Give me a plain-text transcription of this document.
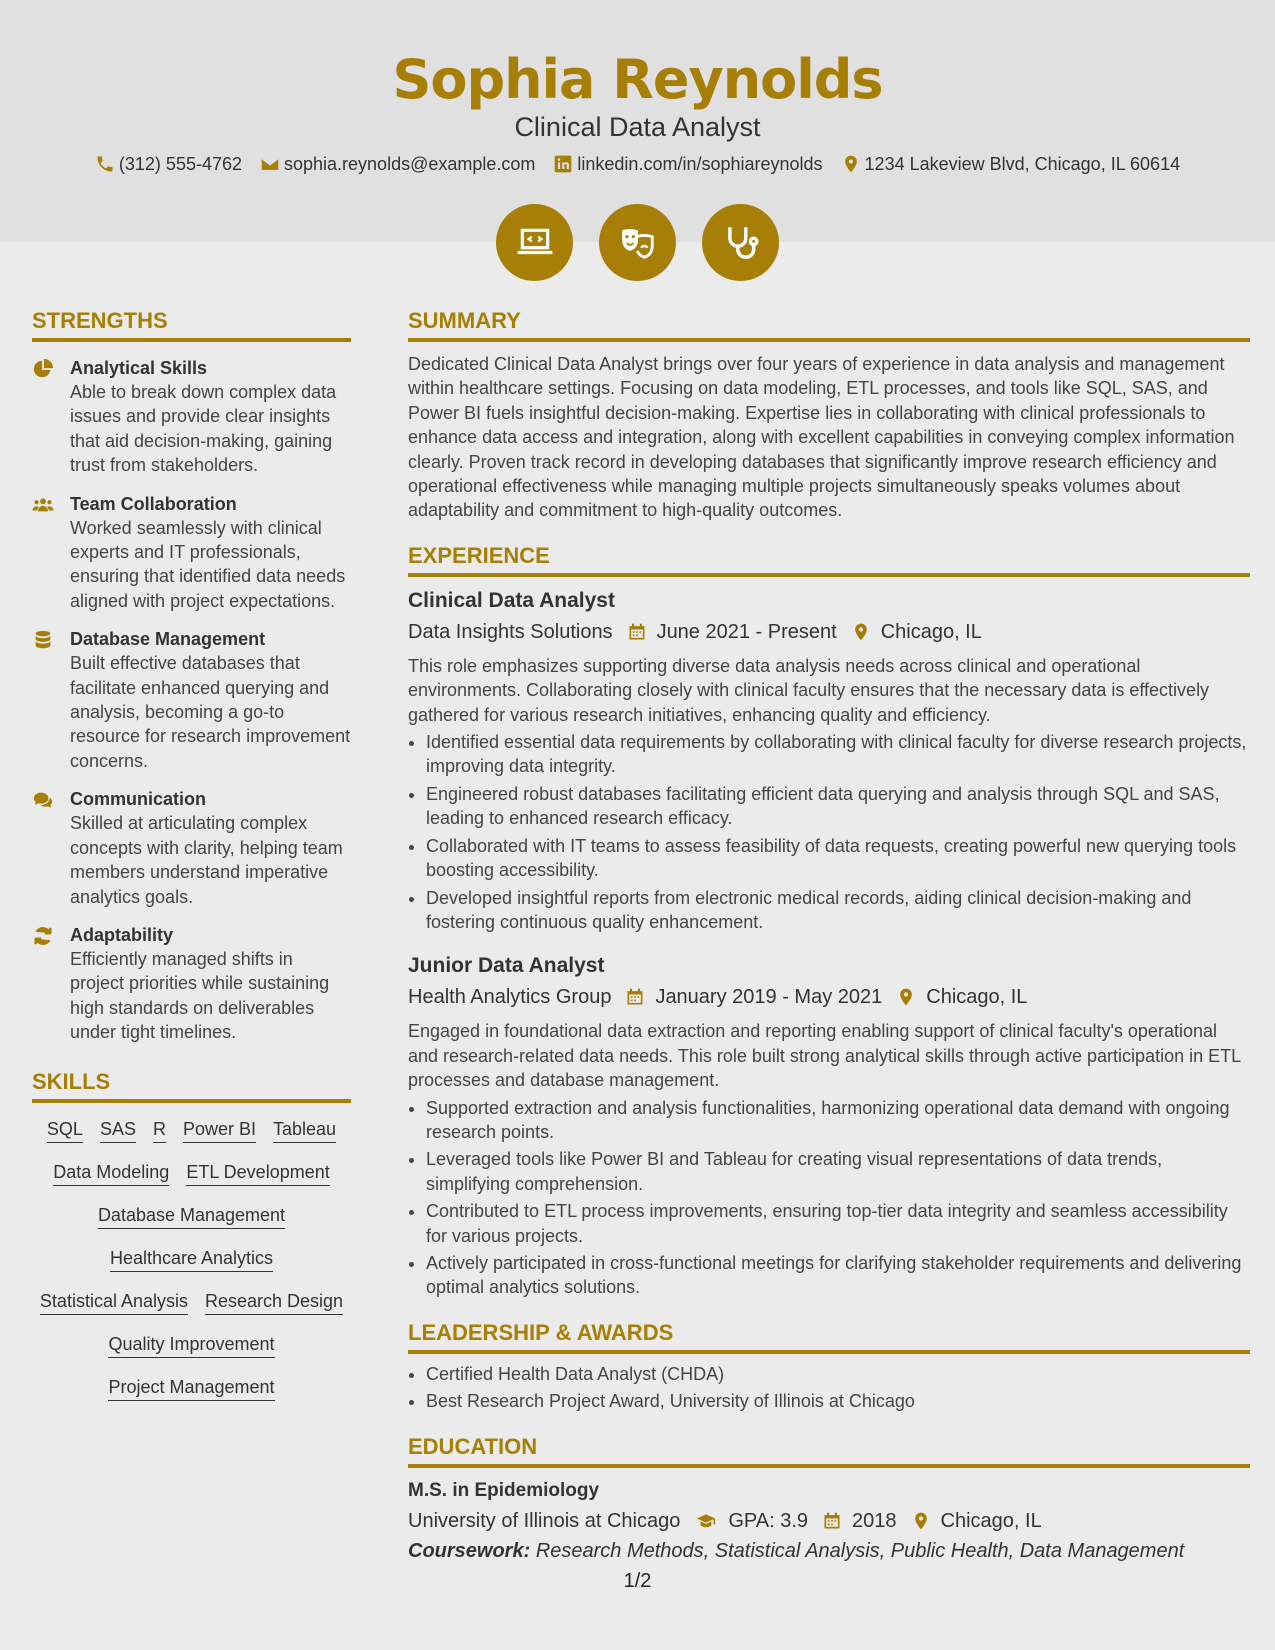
Sophia Reynolds
Clinical Data Analyst
(312) 555-4762 sophia.reynolds@example.com linkedin.com/in/sophiareynolds 1234 Lakeview Blvd, Chicago, IL 60614
STRENGTHS
Analytical Skills
Able to break down complex data issues and provide clear insights that aid decision-making, gaining trust from stakeholders.
Team Collaboration
Worked seamlessly with clinical experts and IT professionals, ensuring that identified data needs aligned with project expectations.
Database Management
Built effective databases that facilitate enhanced querying and analysis, becoming a go-to resource for research improvement concerns.
Communication
Skilled at articulating complex concepts with clarity, helping team members understand imperative analytics goals.
Adaptability
Efficiently managed shifts in project priorities while sustaining high standards on deliverables under tight timelines.
SKILLS
SQL SAS R Power BI Tableau
Data Modeling ETL Development
Database Management
Healthcare Analytics
Statistical Analysis Research Design
Quality Improvement
Project Management
SUMMARY
Dedicated Clinical Data Analyst brings over four years of experience in data analysis and management within healthcare settings. Focusing on data modeling, ETL processes, and tools like SQL, SAS, and Power BI fuels insightful decision-making. Expertise lies in collaborating with clinical professionals to enhance data access and integration, along with excellent capabilities in conveying complex information clearly. Proven track record in developing databases that significantly improve research efficiency and operational effectiveness while managing multiple projects simultaneously speaks volumes about adaptability and commitment to high-quality outcomes.
EXPERIENCE
Clinical Data Analyst
Data Insights Solutions June 2021 - Present Chicago, IL
This role emphasizes supporting diverse data analysis needs across clinical and operational environments. Collaborating closely with clinical faculty ensures that the necessary data is effectively gathered for various research initiatives, enhancing quality and efficiency.
• Identified essential data requirements by collaborating with clinical faculty for diverse research projects, improving data integrity.
• Engineered robust databases facilitating efficient data querying and analysis through SQL and SAS, leading to enhanced research efficacy.
• Collaborated with IT teams to assess feasibility of data requests, creating powerful new querying tools boosting accessibility.
• Developed insightful reports from electronic medical records, aiding clinical decision-making and fostering continuous quality enhancement.
Junior Data Analyst
Health Analytics Group January 2019 - May 2021 Chicago, IL
Engaged in foundational data extraction and reporting enabling support of clinical faculty's operational and research-related data needs. This role built strong analytical skills through active participation in ETL processes and database management.
• Supported extraction and analysis functionalities, harmonizing operational data demand with ongoing research points.
• Leveraged tools like Power BI and Tableau for creating visual representations of data trends, simplifying comprehension.
• Contributed to ETL process improvements, ensuring top-tier data integrity and seamless accessibility for various projects.
• Actively participated in cross-functional meetings for clarifying stakeholder requirements and delivering optimal analytics solutions.
LEADERSHIP & AWARDS
• Certified Health Data Analyst (CHDA)
• Best Research Project Award, University of Illinois at Chicago
EDUCATION
M.S. in Epidemiology
University of Illinois at Chicago GPA: 3.9 2018 Chicago, IL
Coursework: Research Methods, Statistical Analysis, Public Health, Data Management
1/2
